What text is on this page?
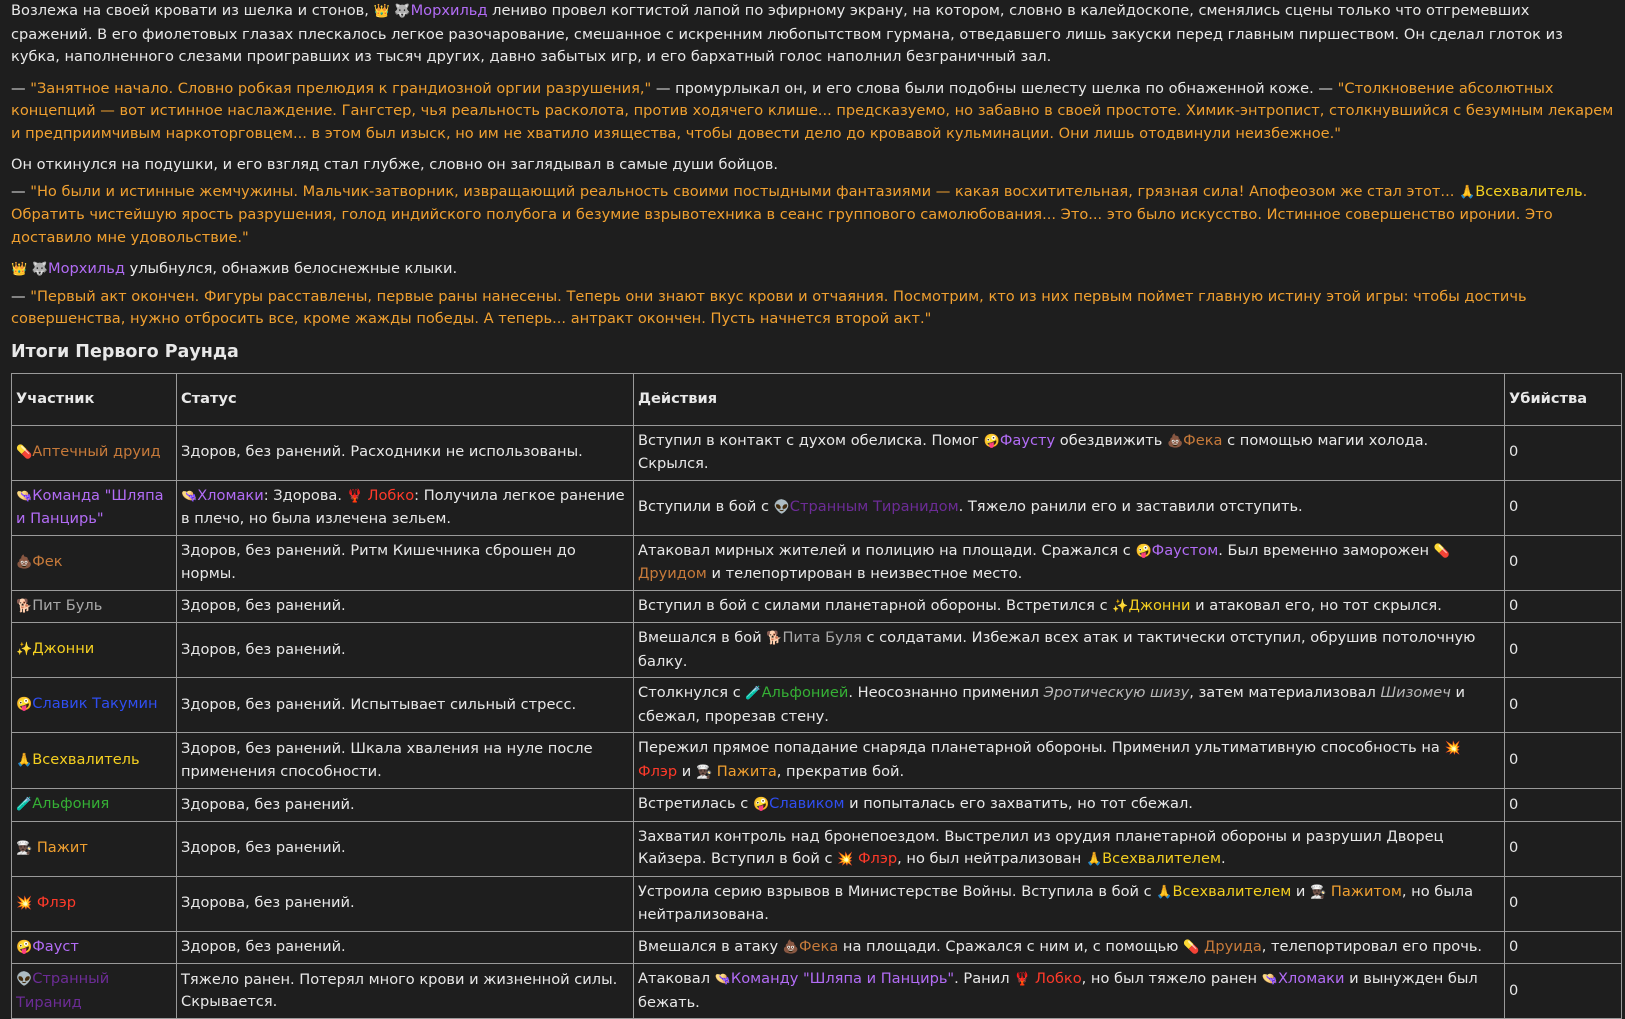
Возлежа на своей кровати из шелка и стонов, 👑 🐺Морхильд лениво провел когтистой лапой по эфирному экрану, на котором, словно в калейдоскопе, сменялись сцены только что отгремевших сражений. В его фиолетовых глазах плескалось легкое разочарование, смешанное с искренним любопытством гурмана, отведавшего лишь закуски перед главным пиршеством. Он сделал глоток из кубка, наполненного слезами проигравших из тысяч других, давно забытых игр, и его бархатный голос наполнил безграничный зал.

— "Занятное начало. Словно робкая прелюдия к грандиозной оргии разрушения," — промурлыкал он, и его слова были подобны шелесту шелка по обнаженной коже. — "Столкновение абсолютных концепций — вот истинное наслаждение. Гангстер, чья реальность расколота, против ходячего клише... предсказуемо, но забавно в своей простоте. Химик-энтропист, столкнувшийся с безумным лекарем и предприимчивым наркоторговцем... в этом был изыск, но им не хватило изящества, чтобы довести дело до кровавой кульминации. Они лишь отодвинули неизбежное."

Он откинулся на подушки, и его взгляд стал глубже, словно он заглядывал в самые души бойцов.

— "Но были и истинные жемчужины. Мальчик-затворник, извращающий реальность своими постыдными фантазиями — какая восхитительная, грязная сила! Апофеозом же стал этот... 🙏Всехвалитель. Обратить чистейшую ярость разрушения, голод индийского полубога и безумие взрывотехника в сеанс группового самолюбования... Это... это было искусство. Истинное совершенство иронии. Это доставило мне удовольствие."

👑 🐺Морхильд улыбнулся, обнажив белоснежные клыки.

— "Первый акт окончен. Фигуры расставлены, первые раны нанесены. Теперь они знают вкус крови и отчаяния. Посмотрим, кто из них первым поймет главную истину этой игры: чтобы достичь совершенства, нужно отбросить все, кроме жажды победы. А теперь... антракт окончен. Пусть начнется второй акт."

Итоги Первого Раунда
Участник	Статус	Действия	Убийства
💊Аптечный друид	Здоров, без ранений. Расходники не использованы.	Вступил в контакт с духом обелиска. Помог 🤪Фаусту обездвижить 💩Фека с помощью магии холода. Скрылся.	0
👒Команда "Шляпа и Панцирь"	👒Хломаки: Здорова. 🦞 Лобко: Получила легкое ранение в плечо, но была излечена зельем.	Вступили в бой с 👽Странным Тиранидом. Тяжело ранили его и заставили отступить.	0
💩Фек	Здоров, без ранений. Ритм Кишечника сброшен до нормы.	Атаковал мирных жителей и полицию на площади. Сражался с 🤪Фаустом. Был временно заморожен 💊Друидом и телепортирован в неизвестное место.	0
🐕Пит Буль	Здоров, без ранений.	Вступил в бой с силами планетарной обороны. Встретился с ✨Джонни и атаковал его, но тот скрылся.	0
✨Джонни	Здоров, без ранений.	Вмешался в бой 🐕Пита Буля с солдатами. Избежал всех атак и тактически отступил, обрушив потолочную балку.	0
🤪Славик Такумин	Здоров, без ранений. Испытывает сильный стресс.	Столкнулся с 🧪Альфонией. Неосознанно применил Эротическую шизу, затем материализовал Шизомеч и сбежал, прорезав стену.	0
🙏Всехвалитель	Здоров, без ранений. Шкала хваления на нуле после применения способности.	Пережил прямое попадание снаряда планетарной обороны. Применил ультимативную способность на 💥 Флэр и 👨🏿‍🍳 Пажита, прекратив бой.	0
🧪Альфония	Здорова, без ранений.	Встретилась с 🤪Славиком и попыталась его захватить, но тот сбежал.	0
👨🏿‍🍳 Пажит	Здоров, без ранений.	Захватил контроль над бронепоездом. Выстрелил из орудия планетарной обороны и разрушил Дворец Кайзера. Вступил в бой с 💥 Флэр, но был нейтрализован 🙏Всехвалителем.	0
💥 Флэр	Здорова, без ранений.	Устроила серию взрывов в Министерстве Войны. Вступила в бой с 🙏Всехвалителем и 👨🏿‍🍳 Пажитом, но была нейтрализована.	0
🤪Фауст	Здоров, без ранений.	Вмешался в атаку 💩Фека на площади. Сражался с ним и, с помощью 💊 Друида, телепортировал его прочь.	0
👽Странный Тиранид	Тяжело ранен. Потерял много крови и жизненной силы. Скрывается.	Атаковал 👒Команду "Шляпа и Панцирь". Ранил 🦞 Лобко, но был тяжело ранен 👒Хломаки и вынужден был бежать.	0
